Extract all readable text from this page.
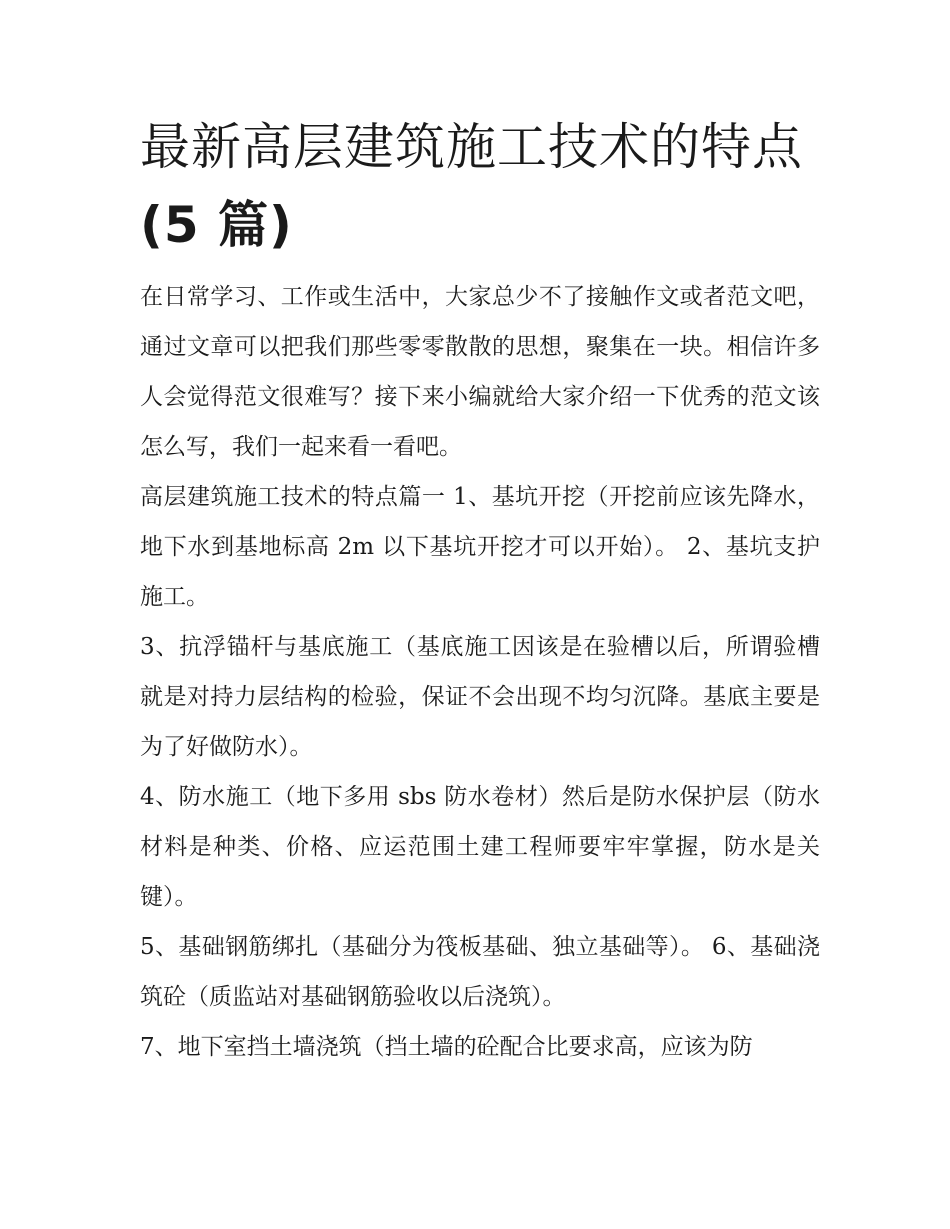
最新高层建筑施工技术的特点
(5 篇)

在日常学习、工作或生活中，大家总少不了接触作文或者范文吧，通过文章可以把我们那些零零散散的思想，聚集在一块。相信许多人会觉得范文很难写？接下来小编就给大家介绍一下优秀的范文该怎么写，我们一起来看一看吧。

高层建筑施工技术的特点篇一 1、基坑开挖（开挖前应该先降水，地下水到基地标高 2m 以下基坑开挖才可以开始）。 2、基坑支护施工。

3、抗浮锚杆与基底施工（基底施工因该是在验槽以后，所谓验槽就是对持力层结构的检验，保证不会出现不均匀沉降。基底主要是为了好做防水）。

4、防水施工（地下多用 sbs 防水卷材）然后是防水保护层（防水材料是种类、价格、应运范围土建工程师要牢牢掌握，防水是关键）。

5、基础钢筋绑扎（基础分为筏板基础、独立基础等）。 6、基础浇筑砼（质监站对基础钢筋验收以后浇筑）。

7、地下室挡土墙浇筑（挡土墙的砼配合比要求高，应该为防
